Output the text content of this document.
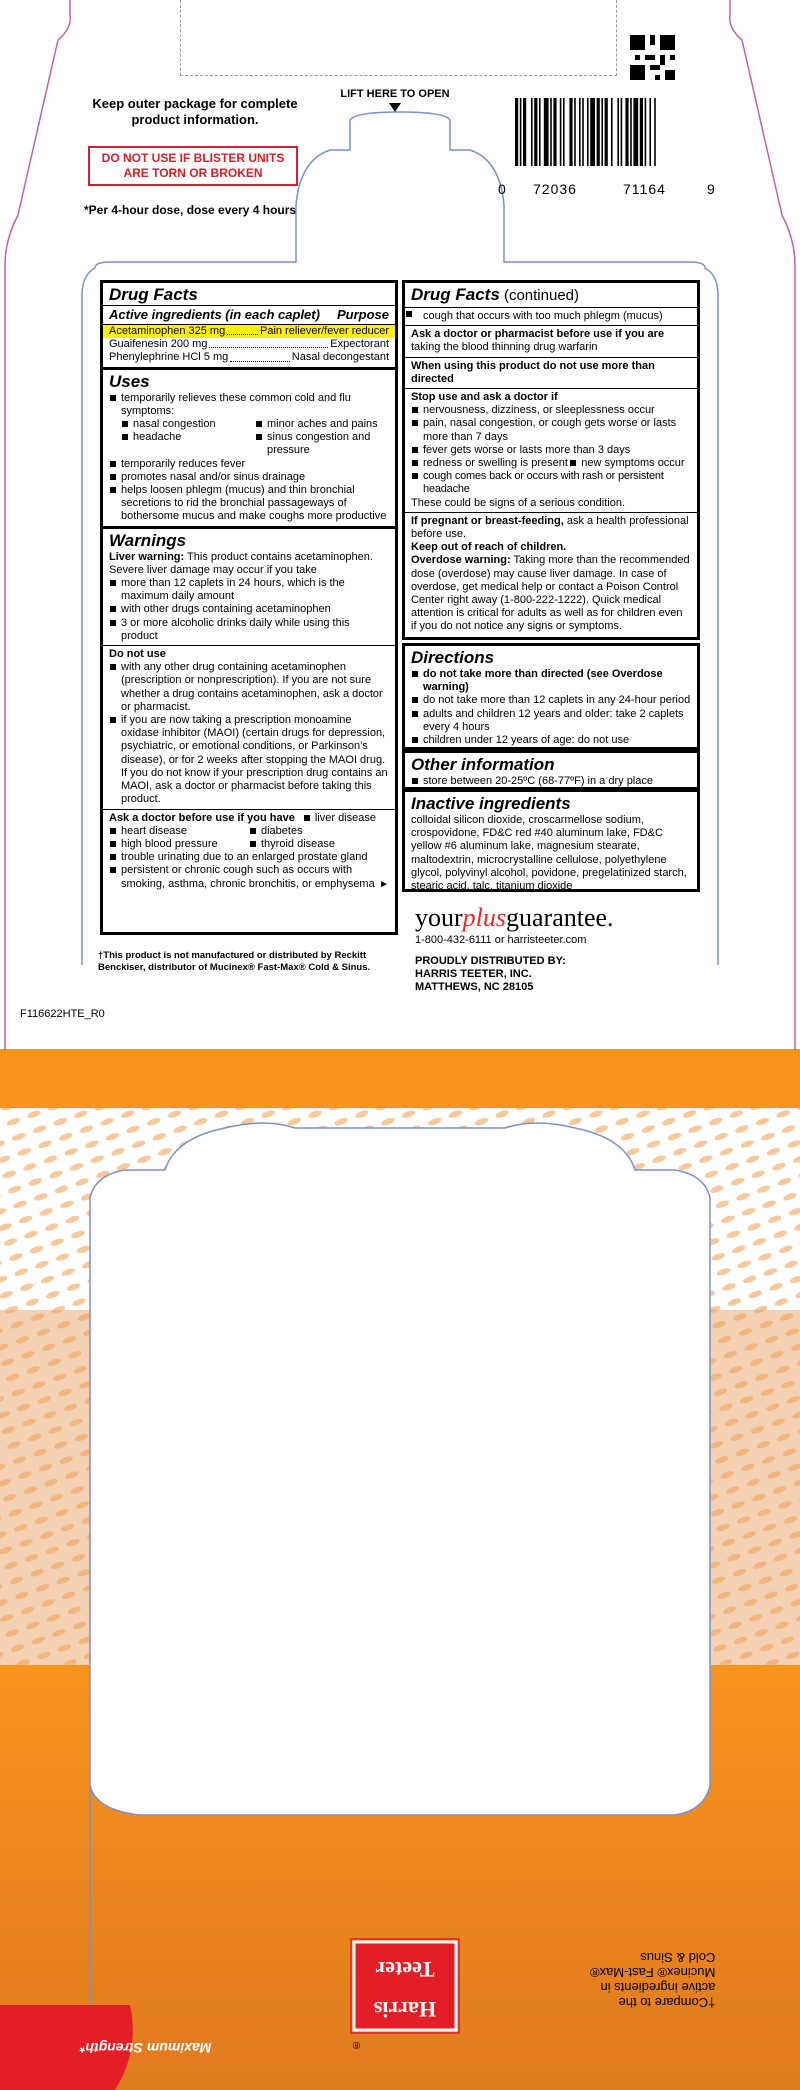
Keep outer package for complete product information.
DO NOT USE IF BLISTER UNITS ARE TORN OR BROKEN
*Per 4-hour dose, dose every 4 hours
LIFT HERE TO OPEN
0 72036	71164	9
Drug Facts
Active ingredients (in each caplet)	Purpose
Acetaminophen 325 mg	Pain reliever/fever reducer
Guaifenesin 200 mg	Expectorant
Phenylephrine HCl 5 mg	Nasal decongestant
Uses
temporarily relieves these common cold and flu symptoms:
nasal congestion	minor aches and pains
headache	sinus congestion and pressure
temporarily reduces fever
promotes nasal and/or sinus drainage
helps loosen phlegm (mucus) and thin bronchial secretions to rid the bronchial passageways of bothersome mucus and make coughs more productive
Warnings
Liver warning: This product contains acetaminophen. Severe liver damage may occur if you take
more than 12 caplets in 24 hours, which is the maximum daily amount
with other drugs containing acetaminophen
3 or more alcoholic drinks daily while using this product
Do not use
with any other drug containing acetaminophen (prescription or nonprescription). If you are not sure whether a drug contains acetaminophen, ask a doctor or pharmacist.
if you are now taking a prescription monoamine oxidase inhibitor (MAOI) (certain drugs for depression, psychiatric, or emotional conditions, or Parkinson’s disease), or for 2 weeks after stopping the MAOI drug. If you do not know if your prescription drug contains an MAOI, ask a doctor or pharmacist before taking this product.
Ask a doctor before use if you have	liver disease
heart disease	diabetes
high blood pressure	thyroid disease
trouble urinating due to an enlarged prostate gland
persistent or chronic cough such as occurs with smoking, asthma, chronic bronchitis, or emphysema ►
Drug Facts (continued)
cough that occurs with too much phlegm (mucus)
Ask a doctor or pharmacist before use if you are taking the blood thinning drug warfarin
When using this product do not use more than directed
Stop use and ask a doctor if
nervousness, dizziness, or sleeplessness occur
pain, nasal congestion, or cough gets worse or lasts more than 7 days
fever gets worse or lasts more than 3 days
redness or swelling is present	new symptoms occur
cough comes back or occurs with rash or persistent headache
These could be signs of a serious condition.
If pregnant or breast-feeding, ask a health professional before use.
Keep out of reach of children.
Overdose warning: Taking more than the recommended dose (overdose) may cause liver damage. In case of overdose, get medical help or contact a Poison Control Center right away (1-800-222-1222). Quick medical attention is critical for adults as well as for children even if you do not notice any signs or symptoms.
Directions
do not take more than directed (see Overdose warning)
do not take more than 12 caplets in any 24-hour period
adults and children 12 years and older: take 2 caplets every 4 hours
children under 12 years of age: do not use
Other information
store between 20-25ºC (68-77ºF) in a dry place
Inactive ingredients
colloidal silicon dioxide, croscarmellose sodium, crospovidone, FD&C red #40 aluminum lake, FD&C yellow #6 aluminum lake, magnesium stearate, maltodextrin, microcrystalline cellulose, polyethylene glycol, polyvinyl alcohol, povidone, pregelatinized starch, stearic acid, talc, titanium dioxide
yourplusguarantee.
1-800-432-6111 or harristeeter.com
PROUDLY DISTRIBUTED BY:
HARRIS TEETER, INC.
MATTHEWS, NC 28105
†This product is not manufactured or distributed by Reckitt Benckiser, distributor of Mucinex® Fast-Max® Cold & Sinus.
F116622HTE_R0
†Compare to the
active ingredients in
Mucinex® Fast-Max®
Cold & Sinus
Maximum Strength*
Harris
Teeter
®
